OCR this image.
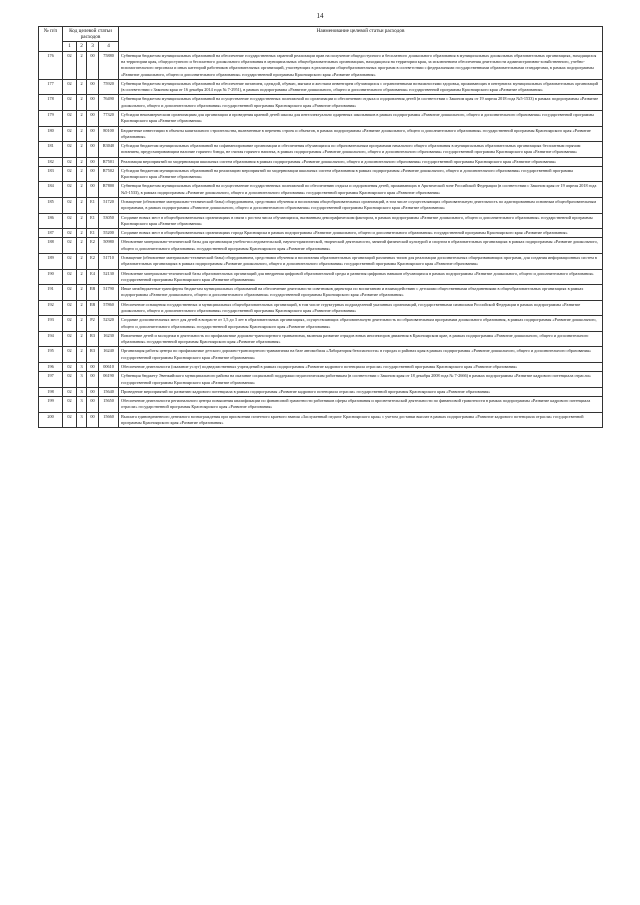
14
№ п/п	Код целевой статьи расходов				Наименование целевой статьи расходов
	1	2	3	4	
176	02	2	00	75880	Субвенции бюджетам муниципальных образований на обеспечение государственных гарантий реализации прав на получение общедоступного и бесплатного дошкольного образования в муниципальных дошкольных образовательных организациях, находящихся на территории края, общедоступного и бесплатного дошкольного образования в муниципальных общеобразовательных организациях, находящихся на территории края, за исключением обеспечения деятельности административно-хозяйственного, учебно-вспомогательного персонала и иных категорий работников образовательных организаций, участвующих в реализации общеобразовательных программ в соответствии с федеральными государственными образовательными стандартами, в рамках подпрограммы «Развитие дошкольного, общего и дополнительного образования» государственной программы Красноярского края «Развитие образования»
177	02	2	00	75920	Субвенции бюджетам муниципальных образований на обеспечение питанием, одеждой, обувью, мягким и жестким инвентарем обучающихся с ограниченными возможностями здоровья, проживающих в интернатах муниципальных образовательных организаций (в соответствии с Законом края от 16 декабря 2014 года № 7-2951), в рамках подпрограммы «Развитие дошкольного, общего и дополнительного образования» государственной программы Красноярского края «Развитие образования»
178	02	2	00	76490	Субвенции бюджетам муниципальных образований на осуществление государственных полномочий по организации и обеспечению отдыха и оздоровления детей (в соответствии с Законом края от 19 апреля 2018 года №5-1533) в рамках подпрограммы «Развитие дошкольного, общего и дополнительного образования» государственной программы Красноярского края «Развитие образования»
179	02	2	00	77320	Субсидии некоммерческим организациям для организации и проведения краевой детей школы для интеллектуально одаренных школьников в рамках подпрограммы «Развитие дошкольного, общего и дополнительного образования» государственной программы Красноярского края «Развитие образования»
180	02	2	00	80100	Бюджетные инвестиции в объекты капитального строительства, включенные в перечень строек и объектов, в рамках подпрограммы «Развитие дошкольного, общего и дополнительного образования» государственной программы Красноярского края «Развитие образования»
181	02	2	00	R3040	Субсидии бюджетам муниципальных образований на софинансирование организации и обеспечения обучающихся по образовательным программам начального общего образования в муниципальных образовательных организациях бесплатным горячим питанием, предусматривающим наличие горячего блюда, не считая горячего напитка, в рамках подпрограммы «Развитие дошкольного, общего и дополнительного образования» государственной программы Красноярского края «Развитие образования»
182	02	2	00	R7501	Реализация мероприятий по модернизации школьных систем образования в рамках подпрограммы «Развитие дошкольного, общего и дополнительного образования» государственной программы Красноярского края «Развитие образования»
183	02	2	00	R7502	Субсидии бюджетам муниципальных образований на реализацию мероприятий по модернизации школьных систем образования в рамках подпрограммы «Развитие дошкольного, общего и дополнительного образования» государственной программы Красноярского края «Развитие образования»
184	02	2	00	R7800	Субвенции бюджетам муниципальных образований на осуществление государственных полномочий по обеспечению отдыха и оздоровления детей, проживающих в Арктической зоне Российской Федерации (в соответствии с Законом края от 19 апреля 2018 года №5-1533), в рамках подпрограммы «Развитие дошкольного, общего и дополнительного образования» государственной программы Красноярского края «Развитие образования»
185	02	2	E1	51720	Оснащение (обновление материально-технической базы) оборудованием, средствами обучения и воспитания общеобразовательных организаций, в том числе осуществляющих образовательную деятельность по адаптированным основным общеобразовательным программам, в рамках подпрограммы «Развитие дошкольного, общего и дополнительного образования» государственной программы Красноярского края «Развитие образования»
186	02	2	E1	53050	Создание новых мест в общеобразовательных организациях в связи с ростом числа обучающихся, вызванным демографическим фактором, в рамках подпрограммы «Развитие дошкольного, общего и дополнительного образования» государственной программы Красноярского края «Развитие образования»
187	02	2	E1	55200	Создание новых мест в общеобразовательных организациях города Красноярска в рамках подпрограммы «Развитие дошкольного, общего и дополнительного образования» государственной программы Красноярского края «Развитие образования»
188	02	2	E2	50980	Обновление материально-технической базы для организации учебно-исследовательской, научно-практической, творческой деятельности, занятий физической культурой и спортом в образовательных организациях в рамках подпрограммы «Развитие дошкольного, общего и дополнительного образования» государственной программы Красноярского края «Развитие образования»
189	02	2	E2	51710	Оснащение (обновление материально-технической базы) оборудованием, средствами обучения и воспитания образовательных организаций различных типов для реализации дополнительных общеразвивающих программ, для создания информационных систем в образовательных организациях в рамках подпрограммы «Развитие дошкольного, общего и дополнительного образования» государственной программы Красноярского края «Развитие образования»
190	02	2	E4	52130	Обновление материально-технической базы образовательных организаций для внедрения цифровой образовательной среды и развития цифровых навыков обучающихся в рамках подпрограммы «Развитие дошкольного, общего и дополнительного образования» государственной программы Красноярского края «Развитие образования»
191	02	2	EB	51790	Иные межбюджетные трансферты бюджетам муниципальных образований на обеспечение деятельности советников директора по воспитанию и взаимодействию с детскими общественными объединениями в общеобразовательных организациях в рамках подпрограммы «Развитие дошкольного, общего и дополнительного образования» государственной программы Красноярского края «Развитие образования»
192	02	2	EB	57860	Обеспечение оснащения государственных и муниципальных общеобразовательных организаций, в том числе структурных подразделений указанных организаций, государственными символами Российской Федерации в рамках подпрограммы «Развитие дошкольного, общего и дополнительного образования» государственной программы Красноярского края «Развитие образования»
193	02	2	P2	52320	Создание дополнительных мест для детей в возрасте от 1,5 до 3 лет в образовательных организациях, осуществляющих образовательную деятельность по образовательным программам дошкольного образования, в рамках подпрограммы «Развитие дошкольного, общего и дополнительного образования» государственной программы Красноярского края «Развитие образования»
194	02	2	R3	16230	Вовлечение детей и молодежи в деятельность по профилактике дорожно-транспортного травматизма, включая развитие отрядов юных инспекторов движения в Красноярском крае, в рамках подпрограммы «Развитие дошкольного, общего и дополнительного образования» государственной программы Красноярского края «Развитие образования»
195	02	2	R3	16240	Организация работы центра по профилактике детского дорожно-транспортного травматизма на базе автомобиля «Лаборатория безопасности» в городах и районах края в рамках подпрограммы «Развитие дошкольного, общего и дополнительного образования» государственной программы Красноярского края «Развитие образования»
196	02	3	00	00610	Обеспечение деятельности (оказание услуг) подведомственных учреждений в рамках подпрограммы «Развитие кадрового потенциала отрасли» государственной программы Красноярского края «Развитие образования»
197	02	3	00	06190	Субвенция бюджету Эвенкийского муниципального района на оказание социальной поддержки педагогическим работникам (в соответствии с Законом края от 18 декабря 2008 года № 7-2666) в рамках подпрограммы «Развитие кадрового потенциала отрасли» государственной программы Красноярского края «Развитие образования»
198	02	3	00	15640	Проведение мероприятий по развитию кадрового потенциала в рамках подпрограммы «Развитие кадрового потенциала отрасли» государственной программы Красноярского края «Развитие образования»
199	02	3	00	15650	Обеспечение деятельности регионального центра повышения квалификации по финансовой грамотности работников сферы образования и просветительской деятельности по финансовой грамотности в рамках подпрограммы «Развитие кадрового потенциала отрасли» государственной программы Красноярского края «Развитие образования»
200	02	3	00	15660	Выплата единовременного денежного вознаграждения при присвоении почетного краевого звания «Заслуженный педагог Красноярского края» с учетом доставки выплат в рамках подпрограммы «Развитие кадрового потенциала отрасли» государственной программы Красноярского края «Развитие образования»
